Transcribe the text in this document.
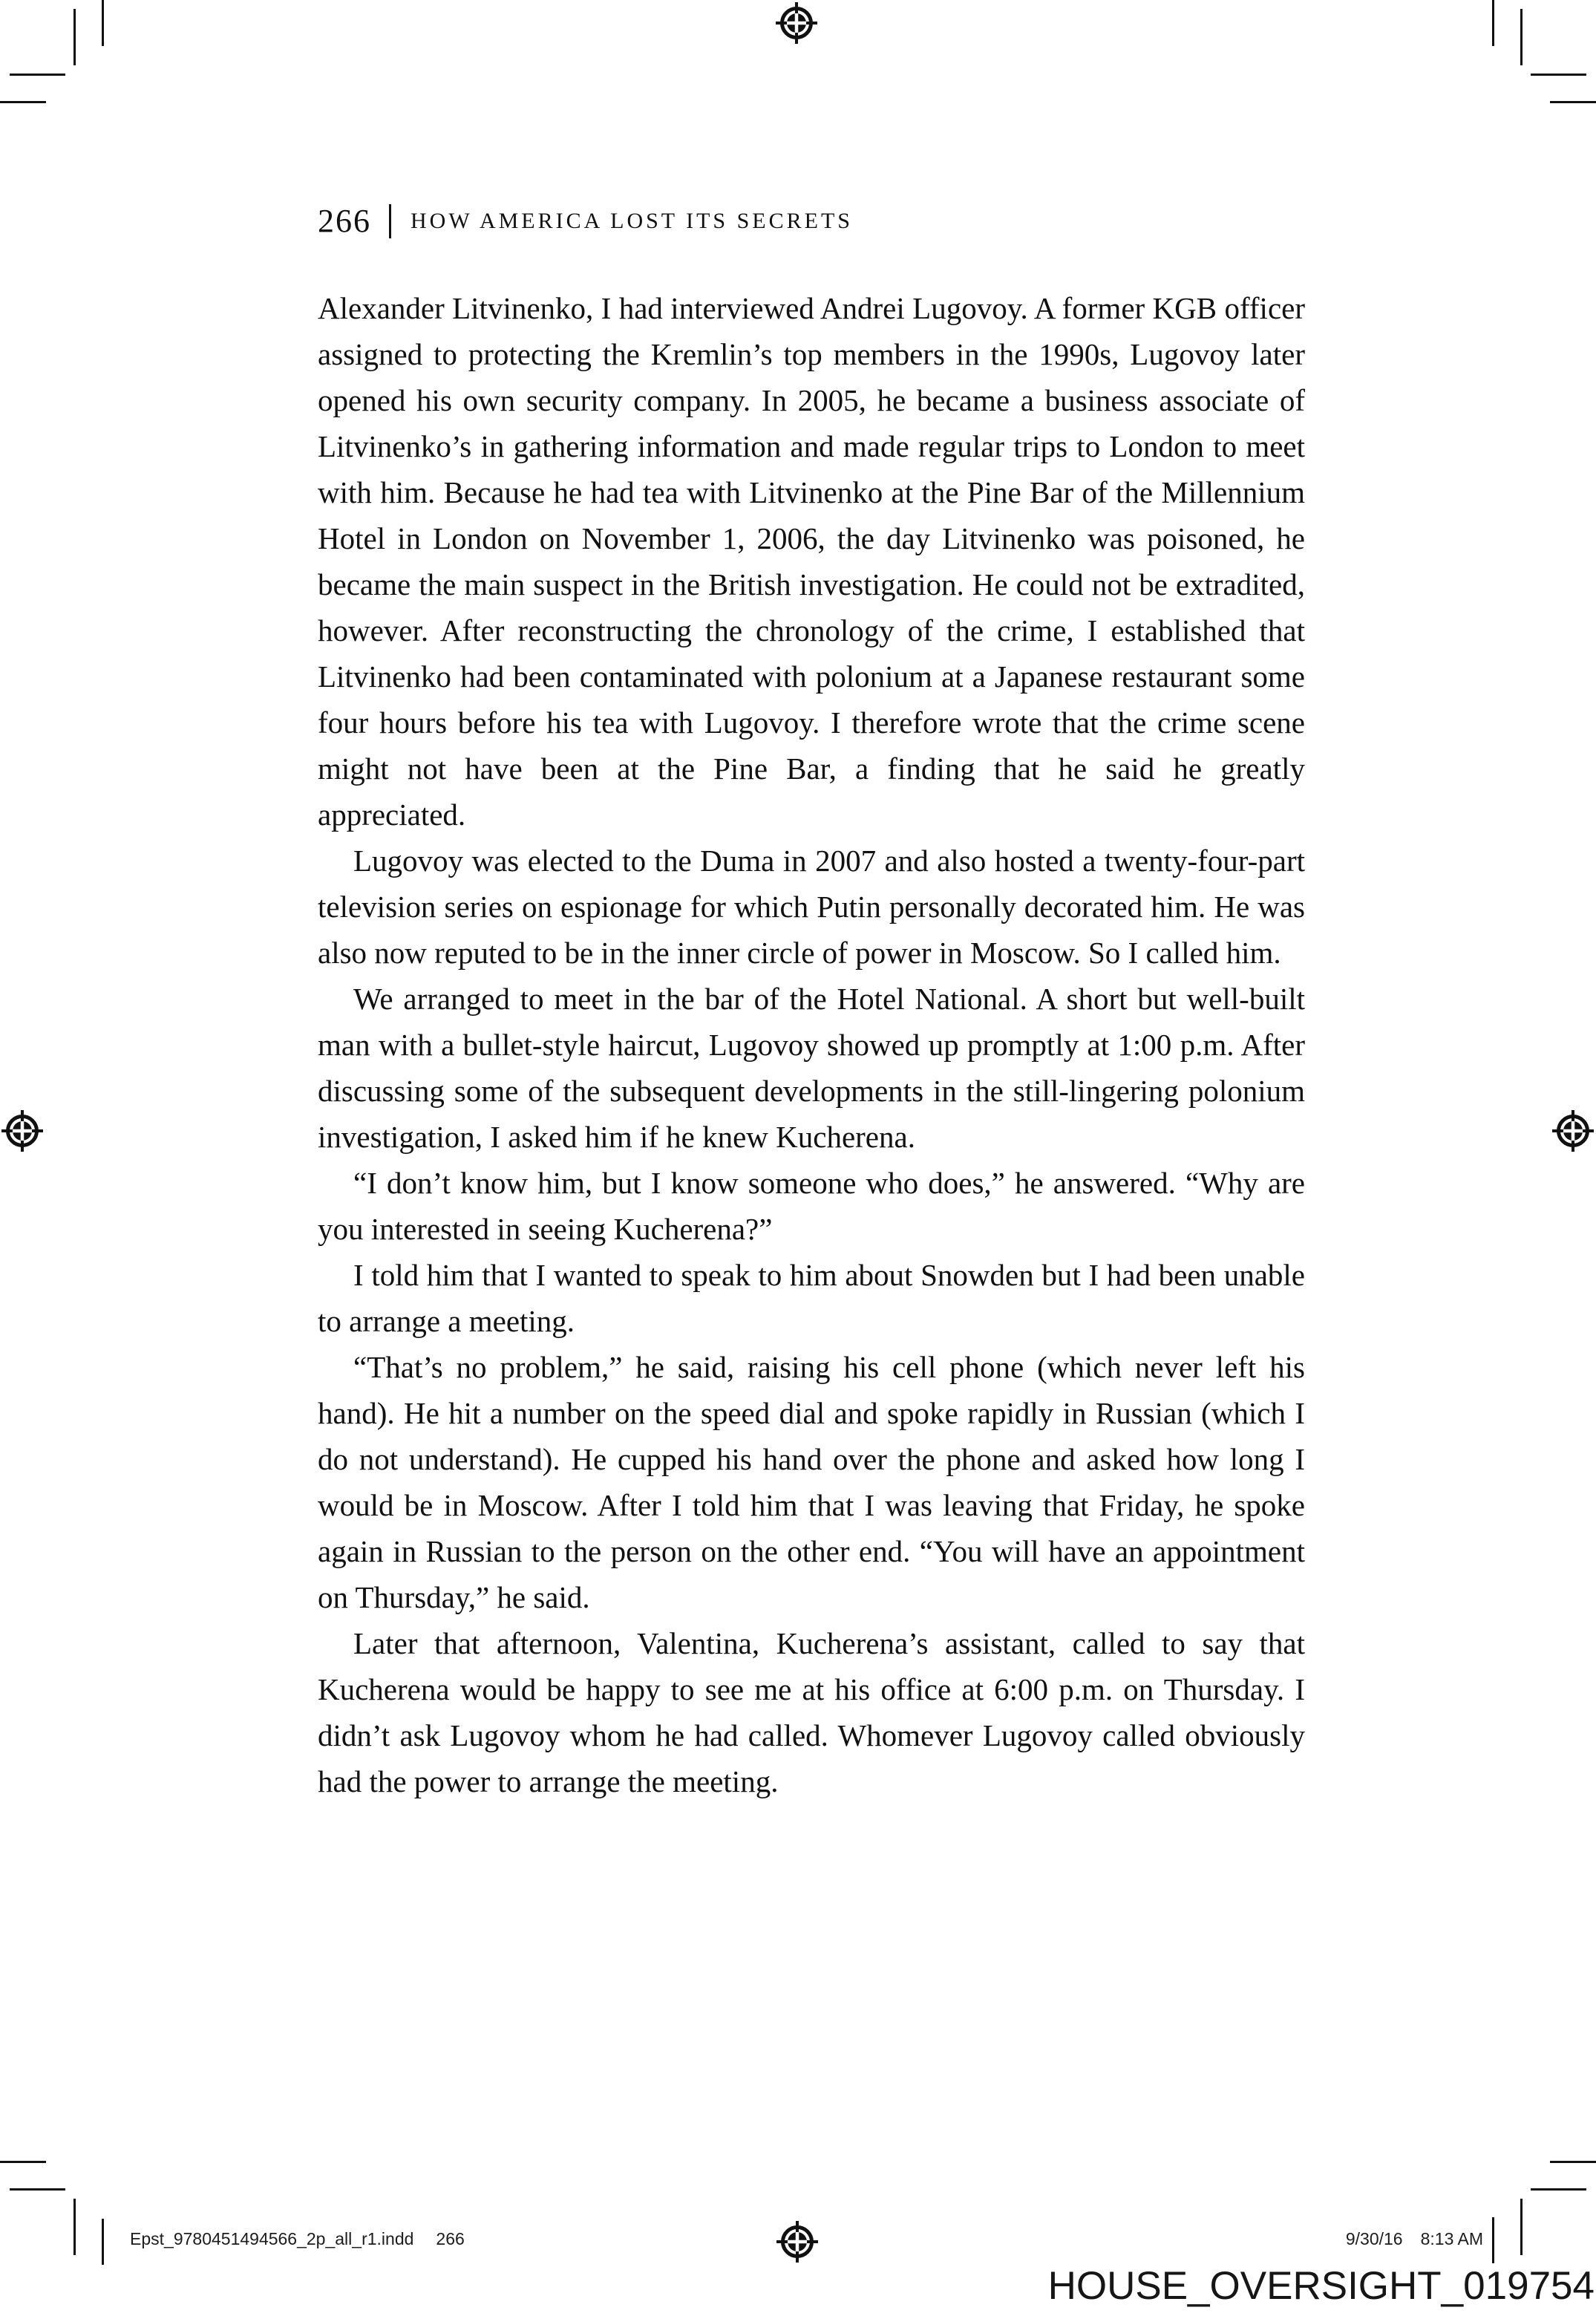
266 HOW AMERICA LOST ITS SECRETS

Alexander Litvinenko, I had interviewed Andrei Lugovoy. A former KGB officer assigned to protecting the Kremlin’s top members in the 1990s, Lugovoy later opened his own security company. In 2005, he became a business associate of Litvinenko’s in gathering information and made regular trips to London to meet with him. Because he had tea with Litvinenko at the Pine Bar of the Millennium Hotel in London on November 1, 2006, the day Litvinenko was poisoned, he became the main suspect in the British investigation. He could not be extradited, however. After reconstructing the chronology of the crime, I established that Litvinenko had been contaminated with polonium at a Japanese restaurant some four hours before his tea with Lugovoy. I therefore wrote that the crime scene might not have been at the Pine Bar, a finding that he said he greatly appreciated.

Lugovoy was elected to the Duma in 2007 and also hosted a twenty-four-part television series on espionage for which Putin personally decorated him. He was also now reputed to be in the inner circle of power in Moscow. So I called him.

We arranged to meet in the bar of the Hotel National. A short but well-built man with a bullet-style haircut, Lugovoy showed up promptly at 1:00 p.m. After discussing some of the subsequent developments in the still-lingering polonium investigation, I asked him if he knew Kucherena.

“I don’t know him, but I know someone who does,” he answered. “Why are you interested in seeing Kucherena?”

I told him that I wanted to speak to him about Snowden but I had been unable to arrange a meeting.

“That’s no problem,” he said, raising his cell phone (which never left his hand). He hit a number on the speed dial and spoke rapidly in Russian (which I do not understand). He cupped his hand over the phone and asked how long I would be in Moscow. After I told him that I was leaving that Friday, he spoke again in Russian to the person on the other end. “You will have an appointment on Thursday,” he said.

Later that afternoon, Valentina, Kucherena’s assistant, called to say that Kucherena would be happy to see me at his office at 6:00 p.m. on Thursday. I didn’t ask Lugovoy whom he had called. Whomever Lugovoy called obviously had the power to arrange the meeting.

Epst_9780451494566_2p_all_r1.indd 266	9/30/16 8:13 AM
HOUSE_OVERSIGHT_019754
